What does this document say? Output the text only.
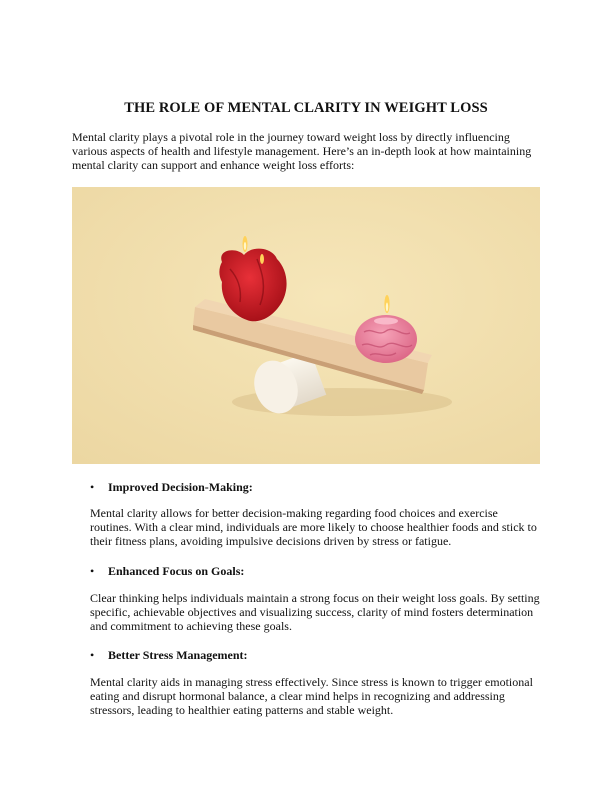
THE ROLE OF MENTAL CLARITY IN WEIGHT LOSS
Mental clarity plays a pivotal role in the journey toward weight loss by directly influencing various aspects of health and lifestyle management. Here’s an in-depth look at how maintaining mental clarity can support and enhance weight loss efforts:
• Improved Decision-Making:
Mental clarity allows for better decision-making regarding food choices and exercise routines. With a clear mind, individuals are more likely to choose healthier foods and stick to their fitness plans, avoiding impulsive decisions driven by stress or fatigue.
• Enhanced Focus on Goals:
Clear thinking helps individuals maintain a strong focus on their weight loss goals. By setting specific, achievable objectives and visualizing success, clarity of mind fosters determination and commitment to achieving these goals.
• Better Stress Management:
Mental clarity aids in managing stress effectively. Since stress is known to trigger emotional eating and disrupt hormonal balance, a clear mind helps in recognizing and addressing stressors, leading to healthier eating patterns and stable weight.
